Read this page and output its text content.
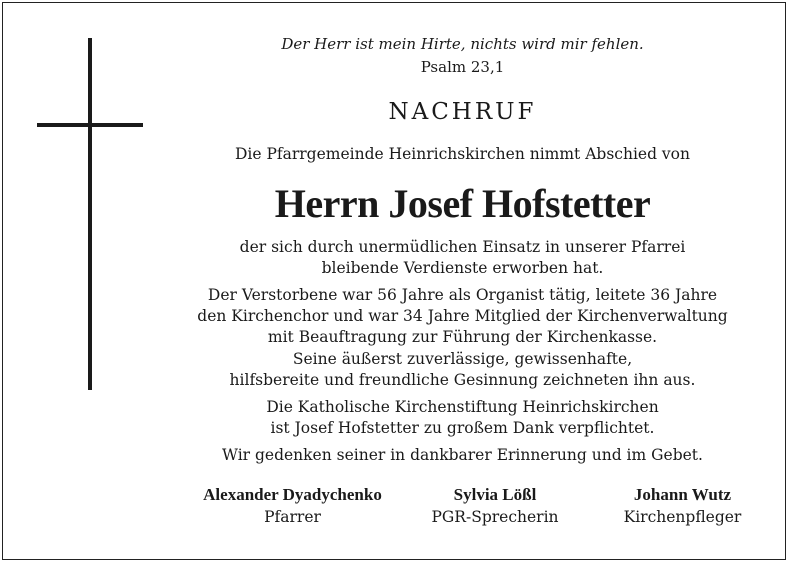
Der Herr ist mein Hirte, nichts wird mir fehlen.
Psalm 23,1
NACHRUF
Die Pfarrgemeinde Heinrichskirchen nimmt Abschied von
Herrn Josef Hofstetter
der sich durch unermüdlichen Einsatz in unserer Pfarrei
bleibende Verdienste erworben hat.
Der Verstorbene war 56 Jahre als Organist tätig, leitete 36 Jahre
den Kirchenchor und war 34 Jahre Mitglied der Kirchenverwaltung
mit Beauftragung zur Führung der Kirchenkasse.
Seine äußerst zuverlässige, gewissenhafte,
hilfsbereite und freundliche Gesinnung zeichneten ihn aus.
Die Katholische Kirchenstiftung Heinrichskirchen
ist Josef Hofstetter zu großem Dank verpflichtet.
Wir gedenken seiner in dankbarer Erinnerung und im Gebet.
Alexander Dyadychenko
Pfarrer
Sylvia Lößl
PGR-Sprecherin
Johann Wutz
Kirchenpfleger
